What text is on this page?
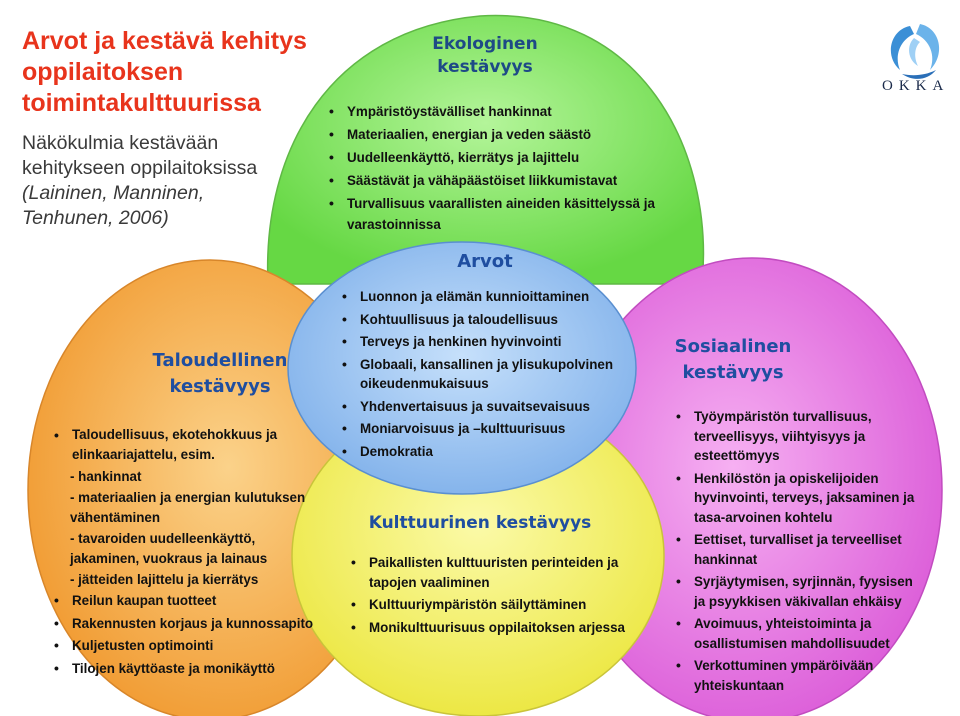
Arvot ja kestävä kehitys oppilaitoksen toimintakulttuurissa
Näkökulmia kestävään
kehitykseen oppilaitoksissa
(Laininen, Manninen,
Tenhunen, 2006)
OKKA
Ekologinen
kestävyys
• Ympäristöystävälliset hankinnat
• Materiaalien, energian ja veden säästö
• Uudelleenkäyttö, kierrätys ja lajittelu
• Säästävät ja vähäpäästöiset liikkumistavat
• Turvallisuus vaarallisten aineiden käsittelyssä ja varastoinnissa
Arvot
• Luonnon ja elämän kunnioittaminen
• Kohtuullisuus ja taloudellisuus
• Terveys ja henkinen hyvinvointi
• Globaali, kansallinen ja ylisukupolvinen oikeudenmukaisuus
• Yhdenvertaisuus ja suvaitsevaisuus
• Moniarvoisuus ja –kulttuurisuus
• Demokratia
Taloudellinen
kestävyys
• Taloudellisuus, ekotehokkuus ja elinkaariajattelu, esim.
- hankinnat
- materiaalien ja energian kulutuksen vähentäminen
- tavaroiden uudelleenkäyttö, jakaminen, vuokraus ja lainaus
- jätteiden lajittelu ja kierrätys
• Reilun kaupan tuotteet
• Rakennusten korjaus ja kunnossapito
• Kuljetusten optimointi
• Tilojen käyttöaste ja monikäyttö
Sosiaalinen
kestävyys
• Työympäristön turvallisuus, terveellisyys, viihtyisyys ja esteettömyys
• Henkilöstön ja opiskelijoiden hyvinvointi, terveys, jaksaminen ja tasa-arvoinen kohtelu
• Eettiset, turvalliset ja terveelliset hankinnat
• Syrjäytymisen, syrjinnän, fyysisen ja psyykkisen väkivallan ehkäisy
• Avoimuus, yhteistoiminta ja osallistumisen mahdollisuudet
• Verkottuminen ympäröivään yhteiskuntaan
Kulttuurinen kestävyys
• Paikallisten kulttuuristen perinteiden ja tapojen vaaliminen
• Kulttuuriympäristön säilyttäminen
• Monikulttuurisuus oppilaitoksen arjessa
